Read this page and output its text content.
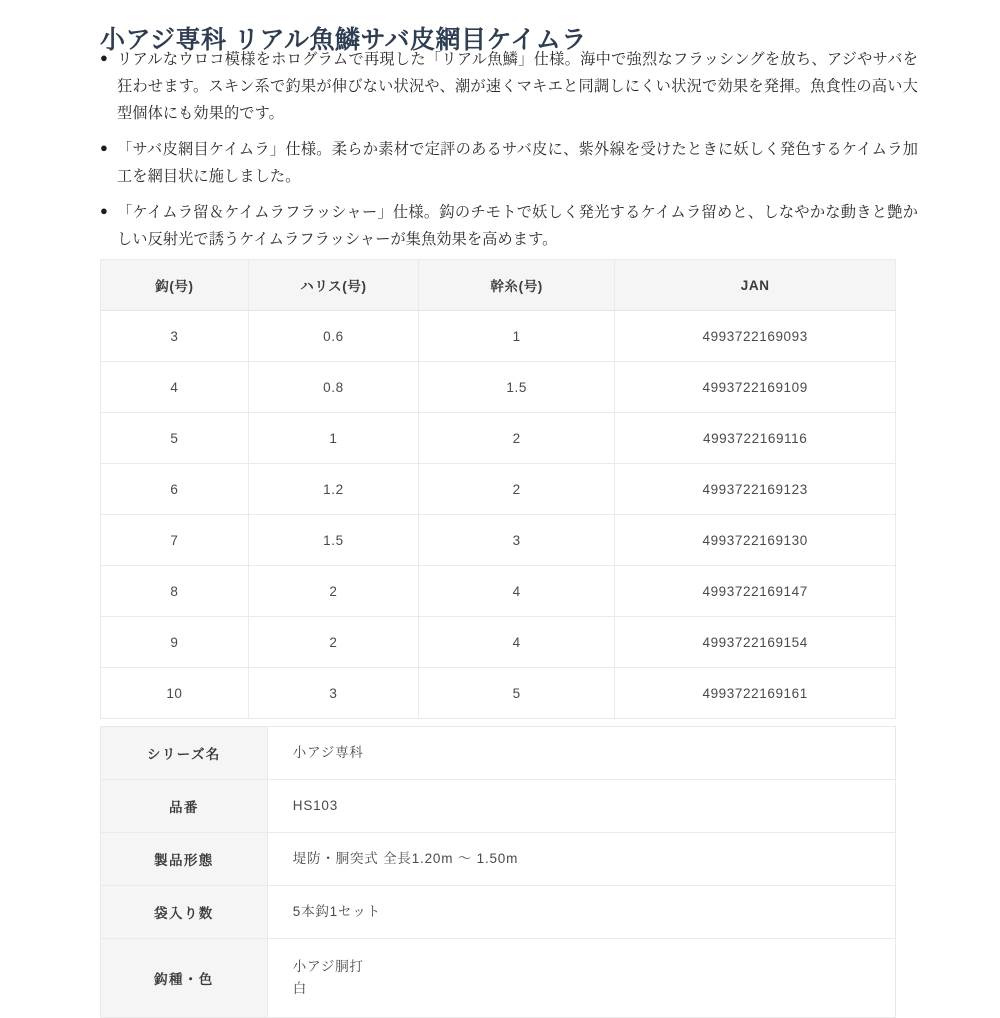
小アジ専科 リアル魚鱗サバ皮網目ケイムラ
● リアルなウロコ模様をホログラムで再現した「リアル魚鱗」仕様。海中で強烈なフラッシングを放ち、アジやサバを狂わせます。スキン系で釣果が伸びない状況や、潮が速くマキエと同調しにくい状況で効果を発揮。魚食性の高い大型個体にも効果的です。
● 「サバ皮網目ケイムラ」仕様。柔らか素材で定評のあるサバ皮に、紫外線を受けたときに妖しく発色するケイムラ加工を網目状に施しました。
● 「ケイムラ留＆ケイムラフラッシャー」仕様。鈎のチモトで妖しく発光するケイムラ留めと、しなやかな動きと艶かしい反射光で誘うケイムラフラッシャーが集魚効果を高めます。
鈎(号)	ハリス(号)	幹糸(号)	JAN
3	0.6	1	4993722169093
4	0.8	1.5	4993722169109
5	1	2	4993722169116
6	1.2	2	4993722169123
7	1.5	3	4993722169130
8	2	4	4993722169147
9	2	4	4993722169154
10	3	5	4993722169161
シリーズ名	小アジ専科
品番	HS103
製品形態	堤防・胴突式 全長1.20m 〜 1.50m
袋入り数	5本鈎1セット
鈎種・色	小アジ胴打
白
